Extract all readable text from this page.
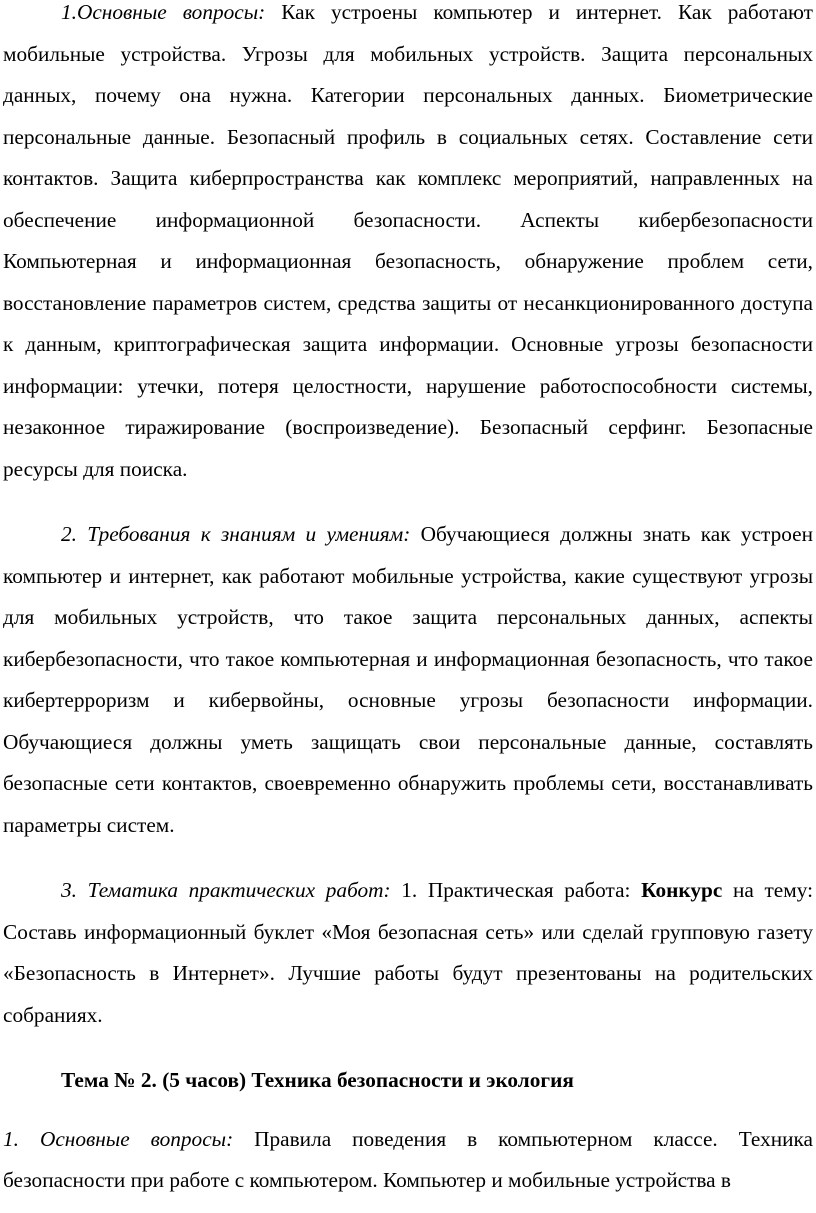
1.Основные вопросы: Как устроены компьютер и интернет. Как работают мобильные устройства. Угрозы для мобильных устройств. Защита персональных данных, почему она нужна. Категории персональных данных. Биометрические персональные данные. Безопасный профиль в социальных сетях. Составление сети контактов. Защита киберпространства как комплекс мероприятий, направленных на обеспечение информационной безопасности. Аспекты кибербезопасности Компьютерная и информационная безопасность, обнаружение проблем сети, восстановление параметров систем, средства защиты от несанкционированного доступа к данным, криптографическая защита информации. Основные угрозы безопасности информации: утечки, потеря целостности, нарушение работоспособности системы, незаконное тиражирование (воспроизведение). Безопасный серфинг. Безопасные ресурсы для поиска.

2. Требования к знаниям и умениям: Обучающиеся должны знать как устроен компьютер и интернет, как работают мобильные устройства, какие существуют угрозы для мобильных устройств, что такое защита персональных данных, аспекты кибербезопасности, что такое компьютерная и информационная безопасность, что такое кибертерроризм и кибервойны, основные угрозы безопасности информации. Обучающиеся должны уметь защищать свои персональные данные, составлять безопасные сети контактов, своевременно обнаружить проблемы сети, восстанавливать параметры систем.

3. Тематика практических работ: 1. Практическая работа: Конкурс на тему: Составь информационный буклет «Моя безопасная сеть» или сделай групповую газету «Безопасность в Интернет». Лучшие работы будут презентованы на родительских собраниях.

Тема № 2. (5 часов) Техника безопасности и экология

1. Основные вопросы: Правила поведения в компьютерном классе. Техника безопасности при работе с компьютером. Компьютер и мобильные устройства в
